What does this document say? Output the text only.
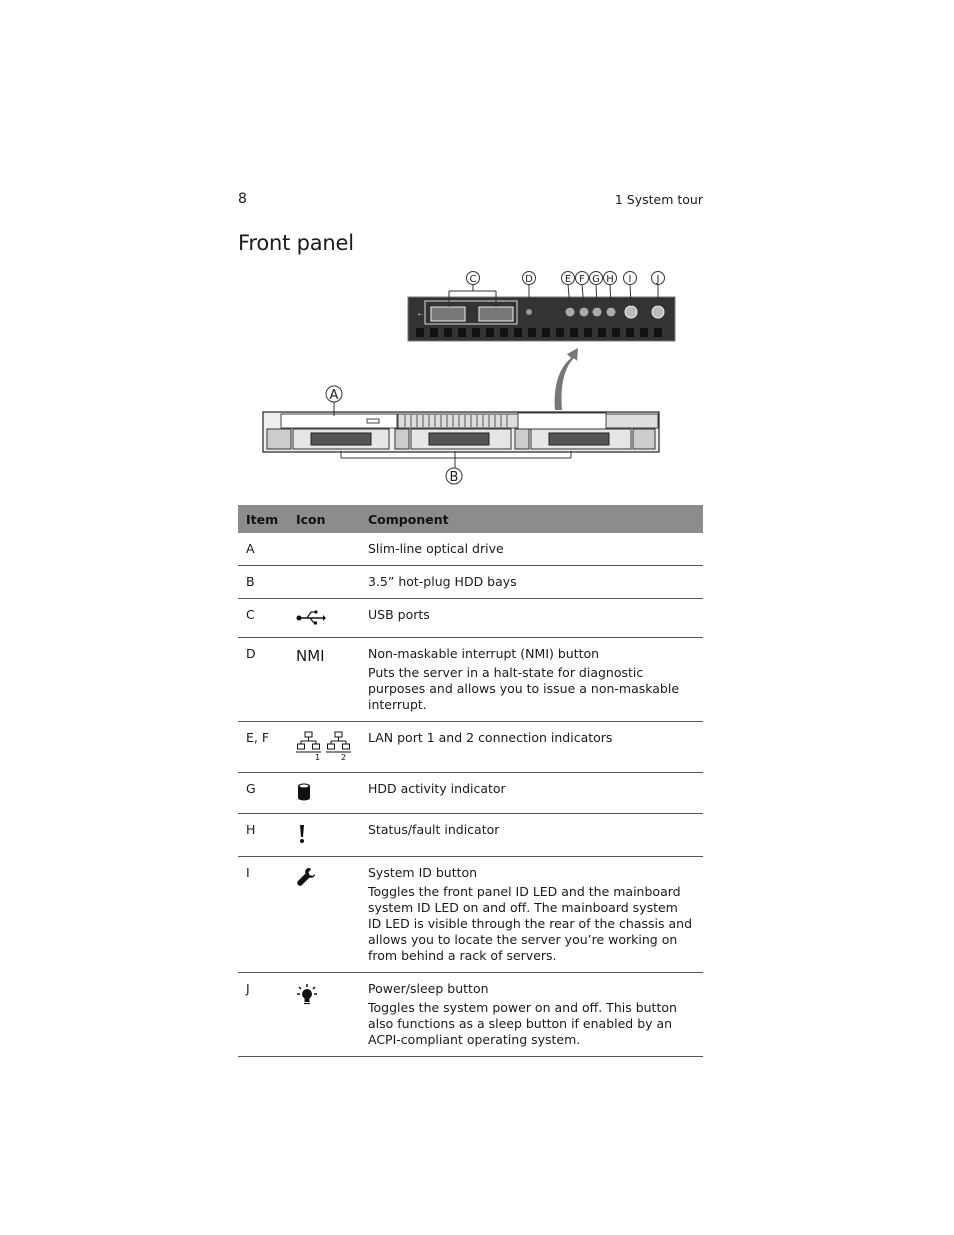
8	1 System tour
Front panel
⇠
C	D	E F G H I	J
A
B
Item	Icon	Component
A		Slim-line optical drive
B		3.5” hot-plug HDD bays
C		USB ports
D	NMI	Non-maskable interrupt (NMI) button
Puts the server in a halt-state for diagnostic purposes and allows you to issue a non-maskable interrupt.

E, F	1 2	LAN port 1 and 2 connection indicators
G		HDD activity indicator
H		Status/fault indicator
I		System ID button
Toggles the front panel ID LED and the mainboard system ID LED on and off. The mainboard system ID LED is visible through the rear of the chassis and allows you to locate the server you’re working on from behind a rack of servers.

J		Power/sleep button
Toggles the system power on and off. This button also functions as a sleep button if enabled by an ACPI-compliant operating system.
